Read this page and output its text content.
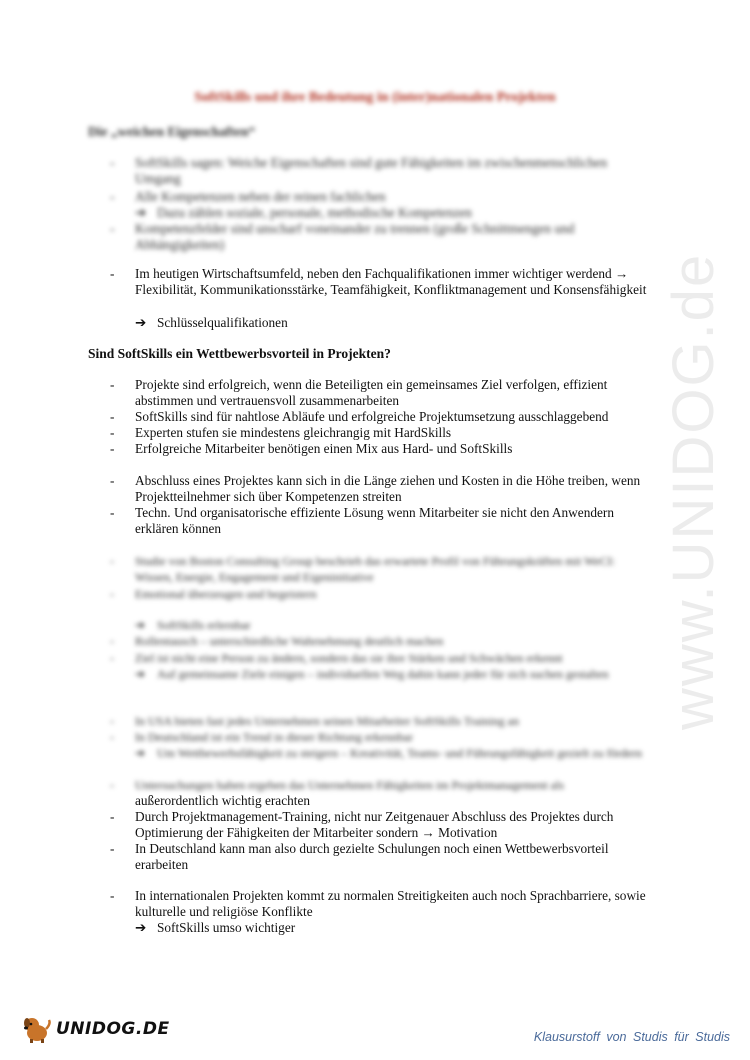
SoftSkills und ihre Bedeutung in (inter)nationalen Projekten
Die „weichen Eigenschaften“
- SoftSkills sagen: Weiche Eigenschaften sind gute Fähigkeiten im zwischenmenschlichen Umgang
- Alle Kompetenzen neben der reinen fachlichen
➔ Dazu zählen soziale, personale, methodische Kompetenzen
- Kompetenzfelder sind unscharf voneinander zu trennen (große Schnittmengen und Abhängigkeiten)
- Im heutigen Wirtschaftsumfeld, neben den Fachqualifikationen immer wichtiger werdend → Flexibilität, Kommunikationsstärke, Teamfähigkeit, Konfliktmanagement und Konsensfähigkeit
➔ Schlüsselqualifikationen
Sind SoftSkills ein Wettbewerbsvorteil in Projekten?
- Projekte sind erfolgreich, wenn die Beteiligten ein gemeinsames Ziel verfolgen, effizient abstimmen und vertrauensvoll zusammenarbeiten
- SoftSkills sind für nahtlose Abläufe und erfolgreiche Projektumsetzung ausschlaggebend
- Experten stufen sie mindestens gleichrangig mit HardSkills
- Erfolgreiche Mitarbeiter benötigen einen Mix aus Hard- und SoftSkills
- Abschluss eines Projektes kann sich in die Länge ziehen und Kosten in die Höhe treiben, wenn Projektteilnehmer sich über Kompetenzen streiten
- Techn. Und organisatorische effiziente Lösung wenn Mitarbeiter sie nicht den Anwendern erklären können
- Studie von Boston Consulting Group beschrieb das erwartete Profil von Führungskräften mit WeCI: Wissen, Energie, Engagement und Eigeninitiative
- Emotional überzeugen und begeistern
➔ SoftSkills erlernbar
- Rollentausch – unterschiedliche Wahrnehmung deutlich machen
- Ziel ist nicht eine Person zu ändern, sondern das sie ihre Stärken und Schwächen erkennt
➔ Auf gemeinsame Ziele einigen – individuellen Weg dahin kann jeder für sich suchen gestalten
- In USA bieten fast jedes Unternehmen seinen Mitarbeiter SoftSkills Training an
- In Deutschland ist ein Trend in dieser Richtung erkennbar
➔ Um Wettbewerbsfähigkeit zu steigern – Kreativität, Teams- und Führungsfähigkeit gezielt zu fördern
- Untersuchungen haben ergeben das Unternehmen Fähigkeiten im Projektmanagement als
außerordentlich wichtig erachten
- Durch Projektmanagement-Training, nicht nur Zeitgenauer Abschluss des Projektes durch Optimierung der Fähigkeiten der Mitarbeiter sondern → Motivation
- In Deutschland kann man also durch gezielte Schulungen noch einen Wettbewerbsvorteil erarbeiten
- In internationalen Projekten kommt zu normalen Streitigkeiten auch noch Sprachbarriere, sowie kulturelle und religiöse Konflikte
➔ SoftSkills umso wichtiger
www.UNIDOG.de
UNIDOG.DE	Klausurstoff von Studis für Studis
